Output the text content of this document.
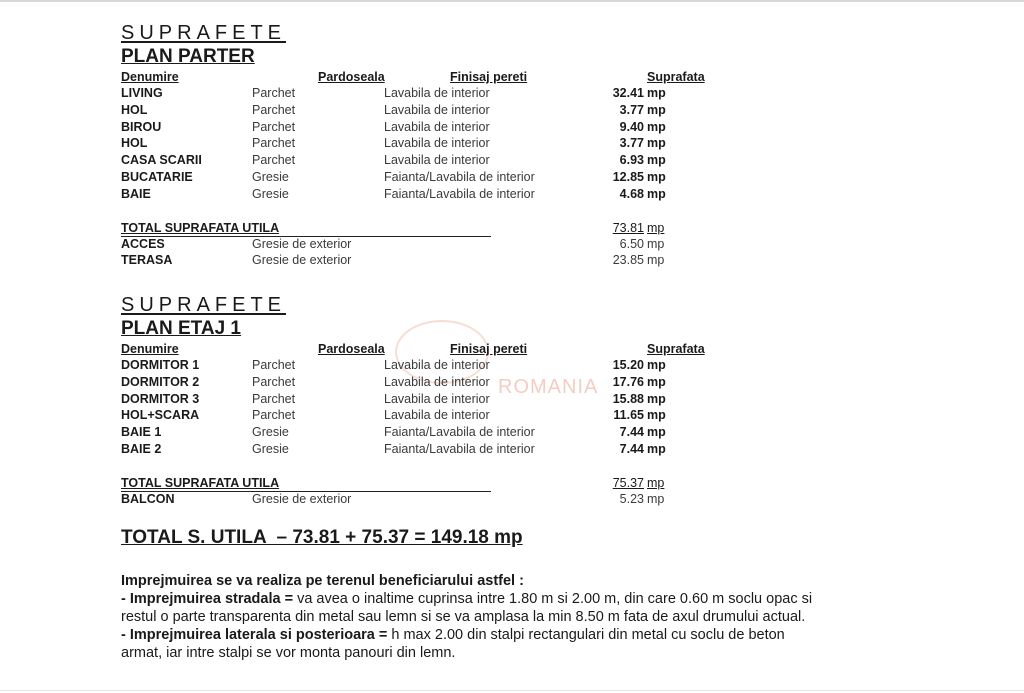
ROMANIA
SUPRAFETE
PLAN PARTER
Denumire	Pardoseala	Finisaj pereti	Suprafata
LIVING	Parchet	Lavabila de interior	32.41 mp
HOL	Parchet	Lavabila de interior	3.77 mp
BIROU	Parchet	Lavabila de interior	9.40 mp
HOL	Parchet	Lavabila de interior	3.77 mp
CASA SCARII	Parchet	Lavabila de interior	6.93 mp
BUCATARIE	Gresie	Faianta/Lavabila de interior	12.85 mp
BAIE	Gresie	Faianta/Lavabila de interior	4.68 mp
TOTAL SUPRAFATA UTILA	73.81 mp
ACCES	Gresie de exterior	6.50 mp
TERASA	Gresie de exterior	23.85 mp
SUPRAFETE
PLAN ETAJ 1
Denumire	Pardoseala	Finisaj pereti	Suprafata
DORMITOR 1	Parchet	Lavabila de interior	15.20 mp
DORMITOR 2	Parchet	Lavabila de interior	17.76 mp
DORMITOR 3	Parchet	Lavabila de interior	15.88 mp
HOL+SCARA	Parchet	Lavabila de interior	11.65 mp
BAIE 1	Gresie	Faianta/Lavabila de interior	7.44 mp
BAIE 2	Gresie	Faianta/Lavabila de interior	7.44 mp
TOTAL SUPRAFATA UTILA	75.37 mp
BALCON	Gresie de exterior	5.23 mp
TOTAL S. UTILA  – 73.81 + 75.37 = 149.18 mp
Imprejmuirea se va realiza pe terenul beneficiarului astfel :
- Imprejmuirea stradala = va avea o inaltime cuprinsa intre 1.80 m si 2.00 m, din care 0.60 m soclu opac si
restul o parte transparenta din metal sau lemn si se va amplasa la min 8.50 m fata de axul drumului actual.
- Imprejmuirea laterala si posterioara = h max 2.00 din stalpi rectangulari din metal cu soclu de beton
armat, iar intre stalpi se vor monta panouri din lemn.
